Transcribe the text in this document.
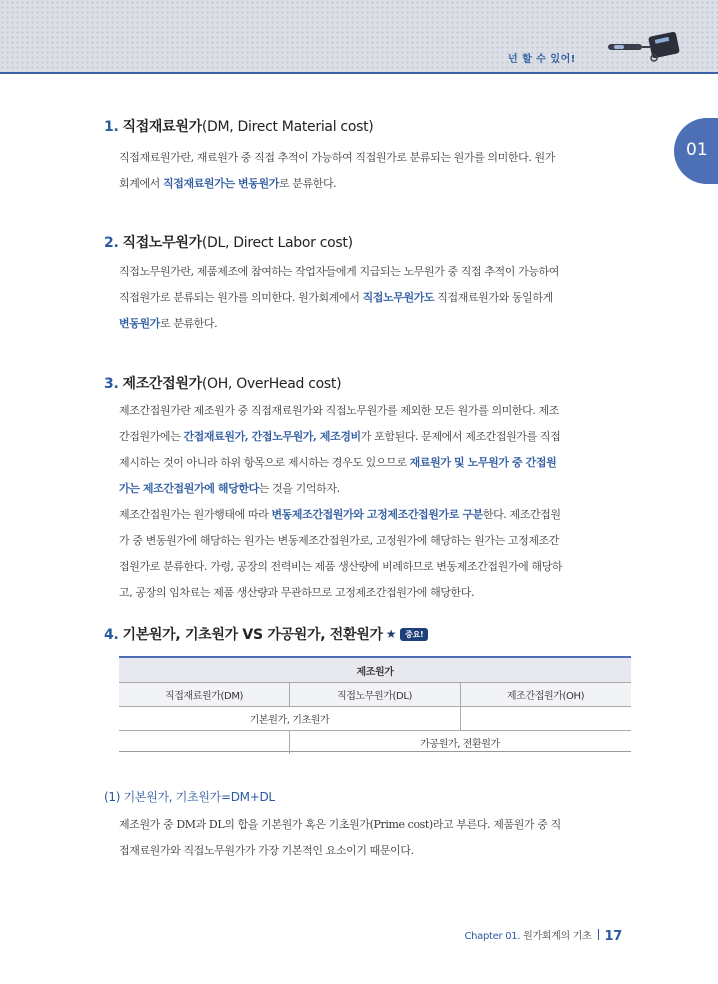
넌 할 수 있어!
01
1. 직접재료원가(DM, Direct Material cost)
직접재료원가란, 재료원가 중 직접 추적이 가능하여 직접원가로 분류되는 원가를 의미한다. 원가
회계에서 직접재료원가는 변동원가로 분류한다.
2. 직접노무원가(DL, Direct Labor cost)
직접노무원가란, 제품제조에 참여하는 작업자들에게 지급되는 노무원가 중 직접 추적이 가능하여
직접원가로 분류되는 원가를 의미한다. 원가회계에서 직접노무원가도 직접재료원가와 동일하게
변동원가로 분류한다.
3. 제조간접원가(OH, OverHead cost)
제조간접원가란 제조원가 중 직접재료원가와 직접노무원가를 제외한 모든 원가를 의미한다. 제조
간접원가에는 간접재료원가, 간접노무원가, 제조경비가 포함된다. 문제에서 제조간접원가를 직접
제시하는 것이 아니라 하위 항목으로 제시하는 경우도 있으므로 재료원가 및 노무원가 중 간접원
가는 제조간접원가에 해당한다는 것을 기억하자.
제조간접원가는 원가행태에 따라 변동제조간접원가와 고정제조간접원가로 구분한다. 제조간접원
가 중 변동원가에 해당하는 원가는 변동제조간접원가로, 고정원가에 해당하는 원가는 고정제조간
접원가로 분류한다. 가령, 공장의 전력비는 제품 생산량에 비례하므로 변동제조간접원가에 해당하
고, 공장의 임차료는 제품 생산량과 무관하므로 고정제조간접원가에 해당한다.
4. 기본원가, 기초원가 VS 가공원가, 전환원가 ★ 중요!
제조원가
직접재료원가(DM)	직접노무원가(DL)	제조간접원가(OH)
기본원가, 기초원가
가공원가, 전환원가
(1) 기본원가, 기초원가=DM+DL
제조원가 중 DM과 DL의 합을 기본원가 혹은 기초원가(Prime cost)라고 부른다. 제품원가 중 직
접재료원가와 직접노무원가가 가장 기본적인 요소이기 때문이다.
Chapter 01. 원가회계의 기초 17
